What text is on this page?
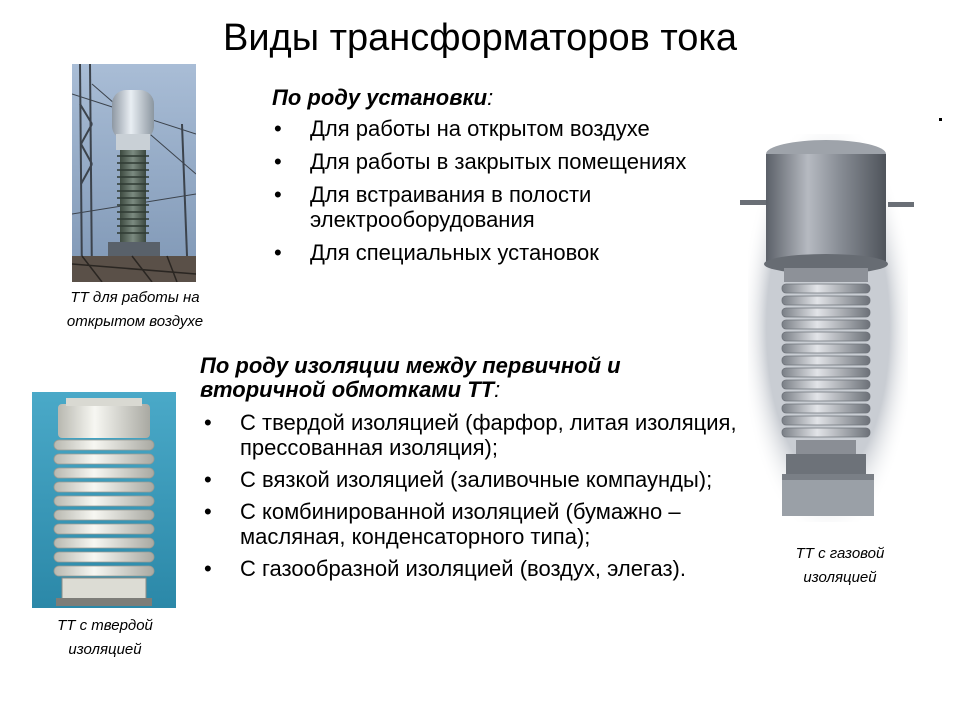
Виды трансформаторов тока
ТТ для работы на открытом воздухе
ТТ с твердой изоляцией
ТТ с газовой изоляцией
По роду установки:
• Для работы на открытом воздухе
• Для работы в закрытых помещениях
• Для встраивания в полости электрооборудования
• Для специальных установок
По роду изоляции между первичной и вторичной обмотками ТТ:
• С твердой изоляцией (фарфор, литая изоляция, прессованная изоляция);
• С вязкой изоляцией (заливочные компаунды);
• С комбинированной изоляцией (бумажно – масляная, конденсаторного типа);
• С газообразной изоляцией (воздух, элегаз).
